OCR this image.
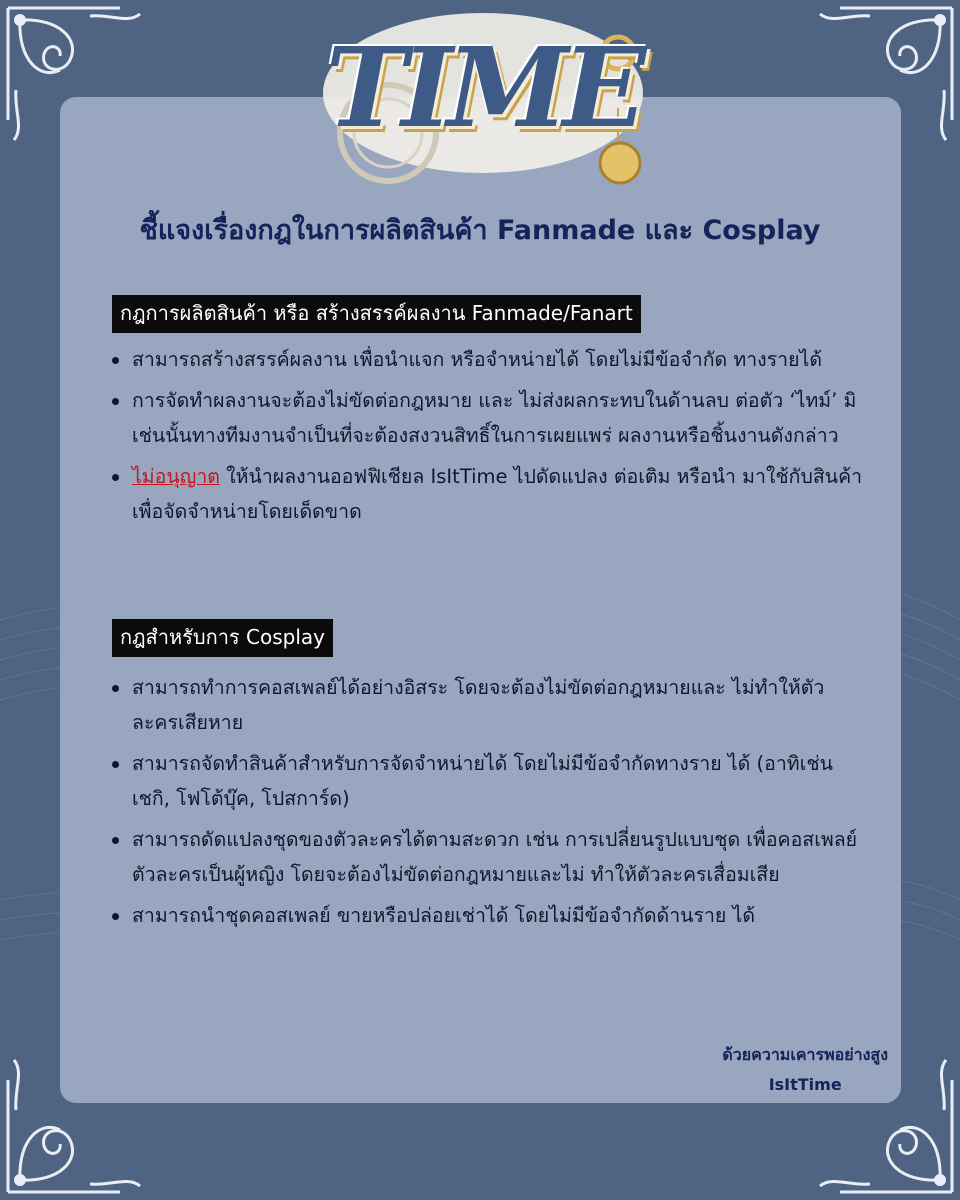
TIME
ชี้แจงเรื่องกฎในการผลิตสินค้า Fanmade และ Cosplay
กฎการผลิตสินค้า หรือ สร้างสรรค์ผลงาน Fanmade/Fanart
สามารถสร้างสรรค์ผลงาน เพื่อนำแจก หรือจำหน่ายได้ โดยไม่มีข้อจำกัด ทางรายได้
การจัดทำผลงานจะต้องไม่ขัดต่อกฎหมาย และ ไม่ส่งผลกระทบในด้านลบ ต่อตัว ‘ไทม์’ มิเช่นนั้นทางทีมงานจำเป็นที่จะต้องสงวนสิทธิ์ในการเผยแพร่ ผลงานหรือชิ้นงานดังกล่าว
ไม่อนุญาต ให้นำผลงานออฟฟิเชียล IsItTime ไปดัดแปลง ต่อเติม หรือนำ มาใช้กับสินค้าเพื่อจัดจำหน่ายโดยเด็ดขาด
กฎสำหรับการ Cosplay
สามารถทำการคอสเพลย์ได้อย่างอิสระ โดยจะต้องไม่ขัดต่อกฎหมายและ ไม่ทำให้ตัวละครเสียหาย
สามารถจัดทำสินค้าสำหรับการจัดจำหน่ายได้ โดยไม่มีข้อจำกัดทางราย ได้ (อาทิเช่น เชกิ, โฟโต้บุ๊ค, โปสการ์ด)
สามารถดัดแปลงชุดของตัวละครได้ตามสะดวก เช่น การเปลี่ยนรูปแบบชุด เพื่อคอสเพลย์ตัวละครเป็นผู้หญิง โดยจะต้องไม่ขัดต่อกฎหมายและไม่ ทำให้ตัวละครเสื่อมเสีย
สามารถนำชุดคอสเพลย์ ขายหรือปล่อยเช่าได้ โดยไม่มีข้อจำกัดด้านราย ได้
ด้วยความเคารพอย่างสูง
IsItTime
